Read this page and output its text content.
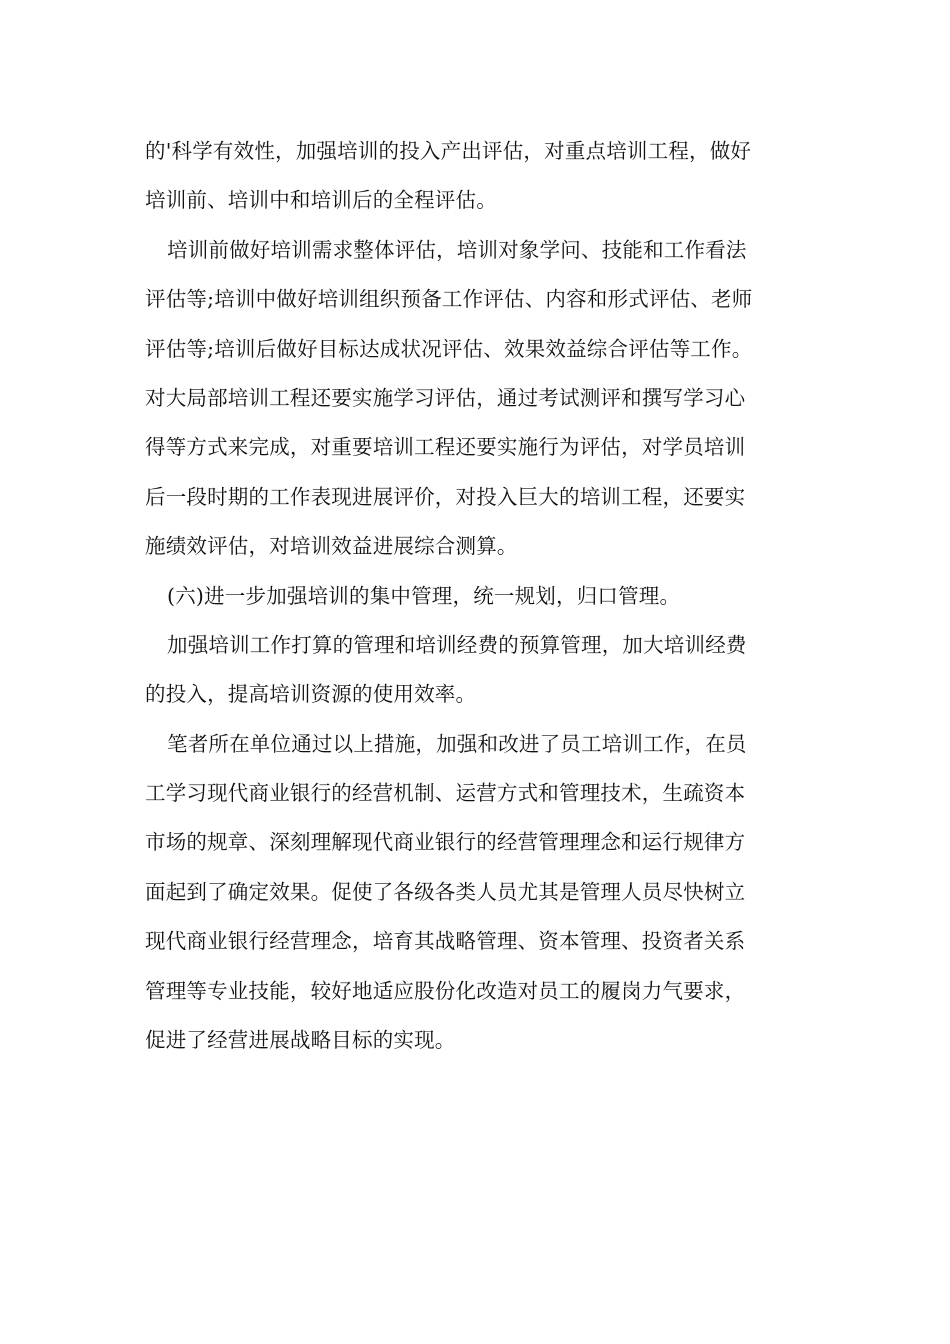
的'科学有效性，加强培训的投入产出评估，对重点培训工程，做好
培训前、培训中和培训后的全程评估。
培训前做好培训需求整体评估，培训对象学问、技能和工作看法
评估等;培训中做好培训组织预备工作评估、内容和形式评估、老师
评估等;培训后做好目标达成状况评估、效果效益综合评估等工作。
对大局部培训工程还要实施学习评估，通过考试测评和撰写学习心
得等方式来完成，对重要培训工程还要实施行为评估，对学员培训
后一段时期的工作表现进展评价，对投入巨大的培训工程，还要实
施绩效评估，对培训效益进展综合测算。
(六)进一步加强培训的集中管理，统一规划，归口管理。
加强培训工作打算的管理和培训经费的预算管理，加大培训经费
的投入，提高培训资源的使用效率。
笔者所在单位通过以上措施，加强和改进了员工培训工作，在员
工学习现代商业银行的经营机制、运营方式和管理技术，生疏资本
市场的规章、深刻理解现代商业银行的经营管理理念和运行规律方
面起到了确定效果。促使了各级各类人员尤其是管理人员尽快树立
现代商业银行经营理念，培育其战略管理、资本管理、投资者关系
管理等专业技能，较好地适应股份化改造对员工的履岗力气要求，
促进了经营进展战略目标的实现。
